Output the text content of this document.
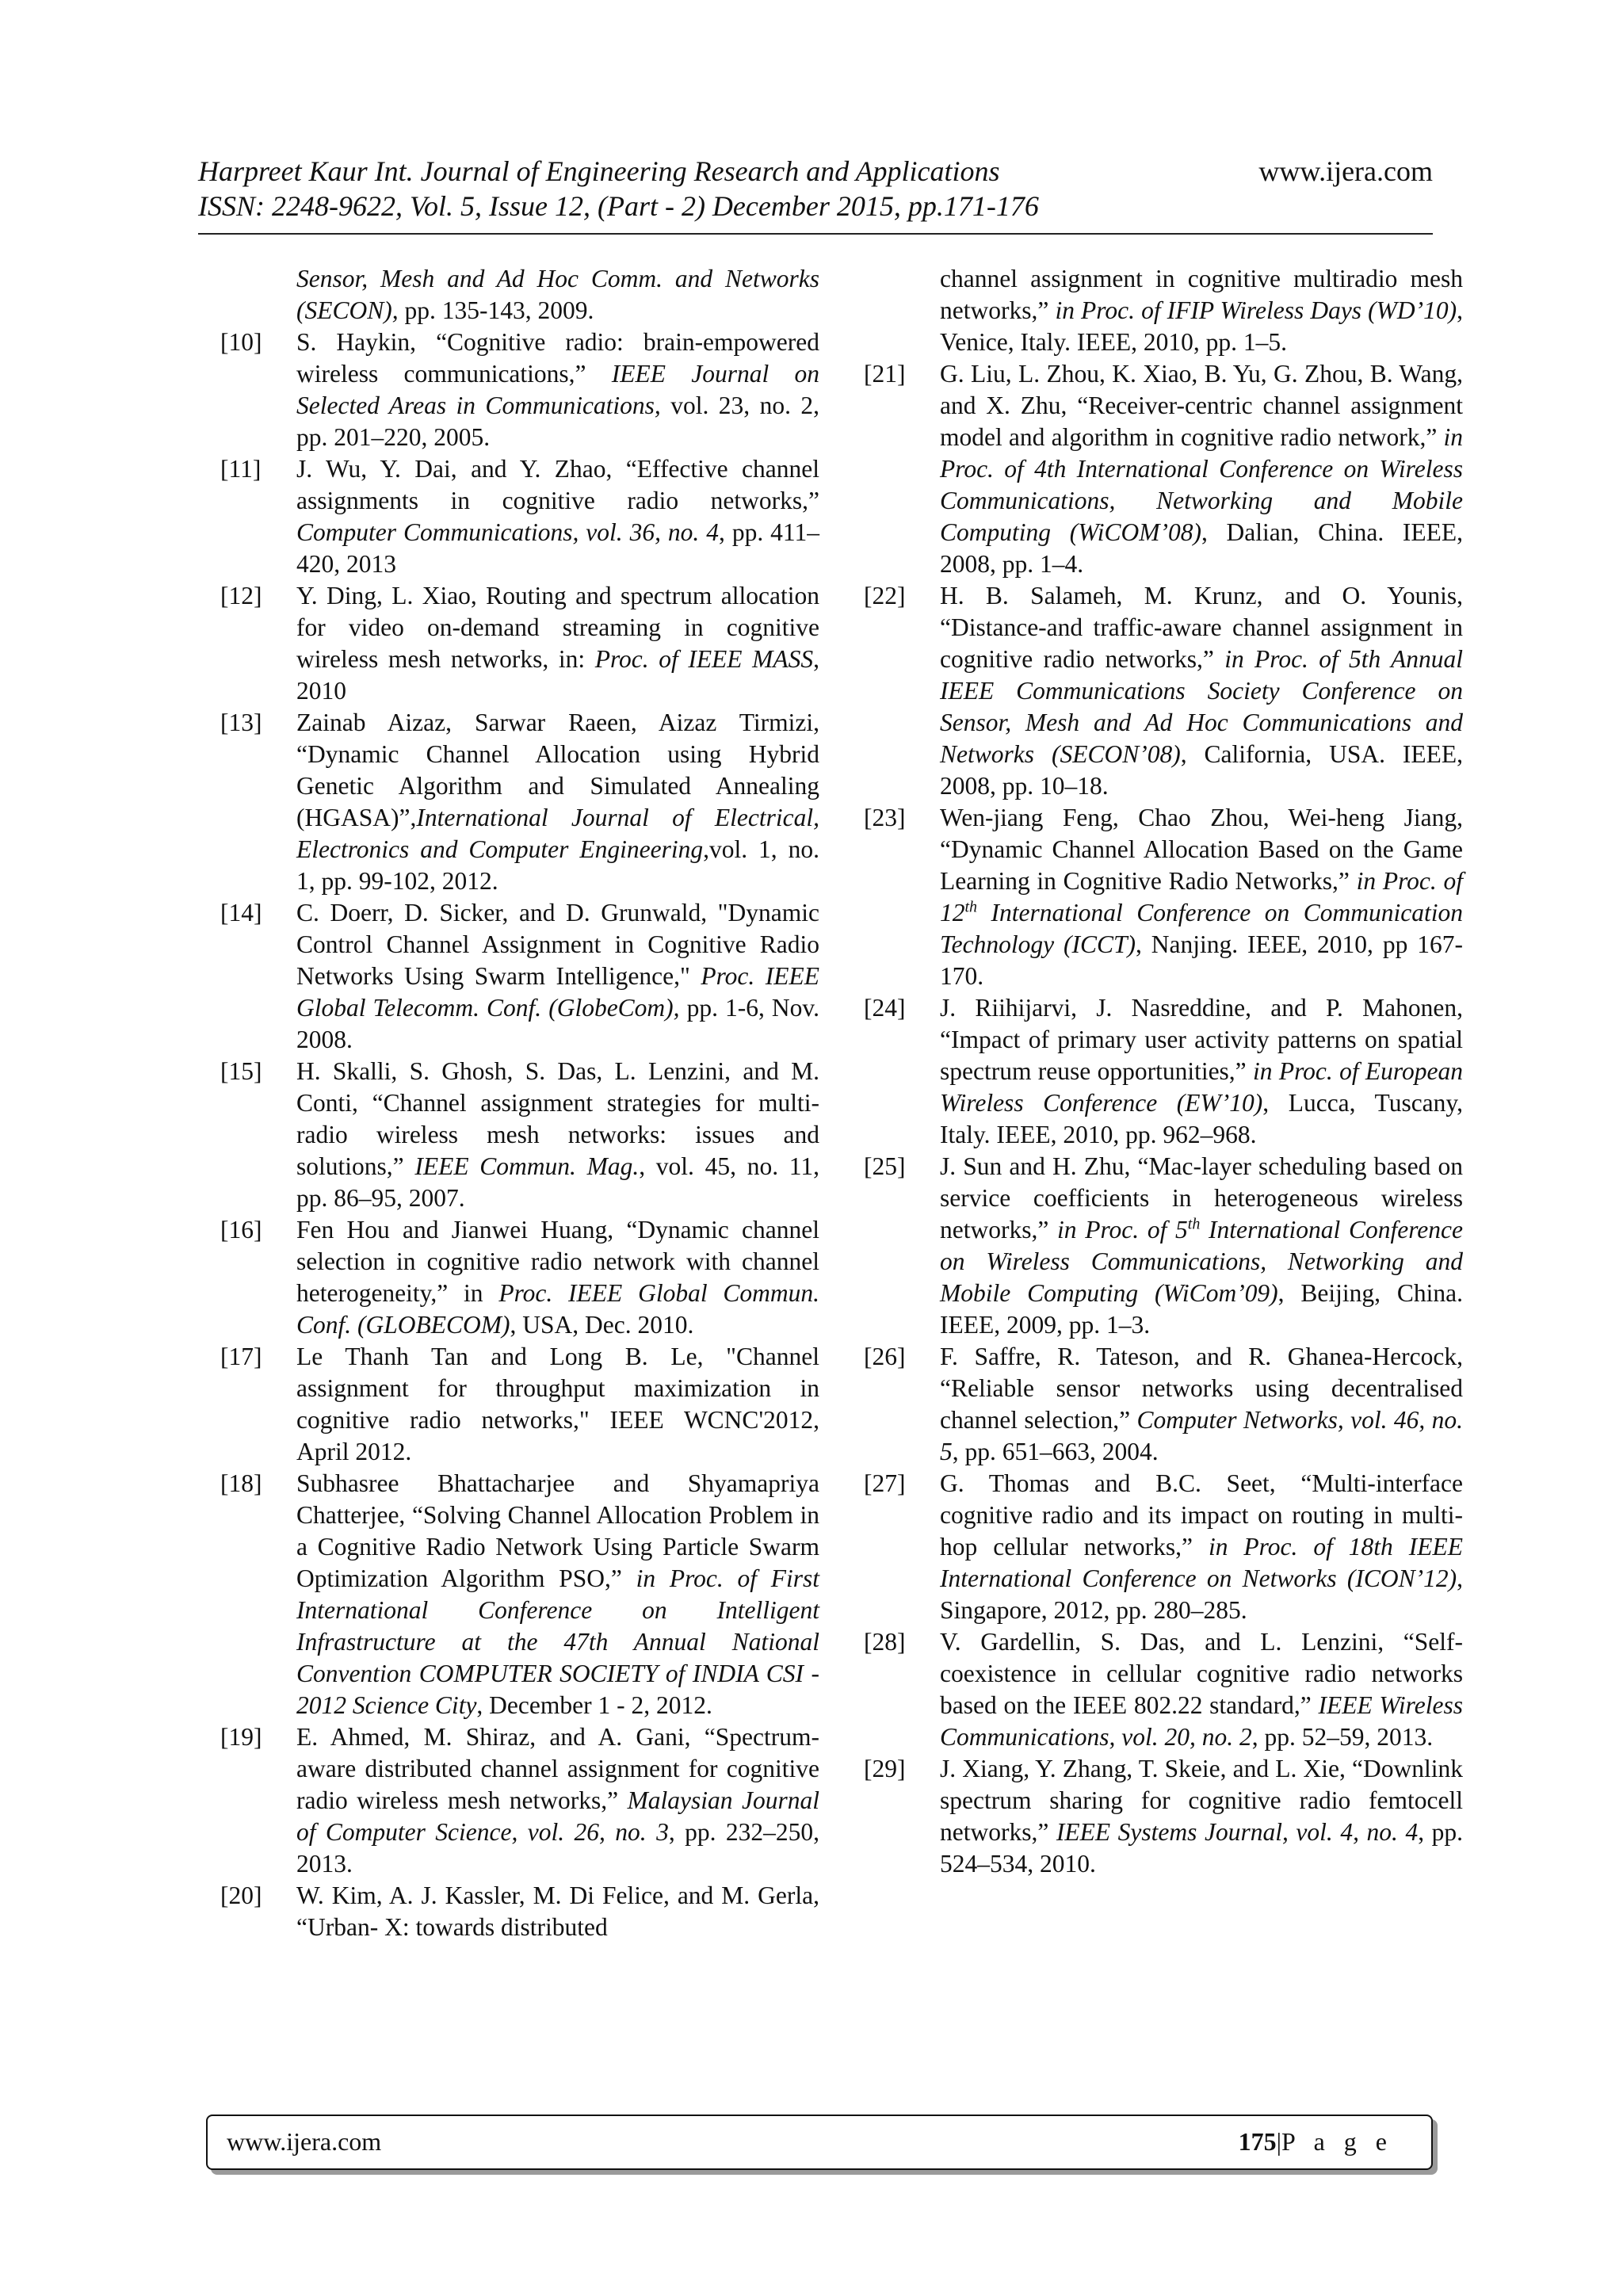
Harpreet Kaur Int. Journal of Engineering Research and Applications
ISSN: 2248-9622, Vol. 5, Issue 12, (Part - 2) December 2015, pp.171-176
www.ijera.com
Sensor, Mesh and Ad Hoc Comm. and Networks (SECON), pp. 135-143, 2009.
[10]	S. Haykin, “Cognitive radio: brain-empowered wireless communications,” IEEE Journal on Selected Areas in Communications, vol. 23, no. 2, pp. 201–220, 2005.
[11]	J. Wu, Y. Dai, and Y. Zhao, “Effective channel assignments in cognitive radio networks,” Computer Communications, vol. 36, no. 4, pp. 411–420, 2013
[12]	Y. Ding, L. Xiao, Routing and spectrum allocation for video on-demand streaming in cognitive wireless mesh networks, in: Proc. of IEEE MASS, 2010
[13]	Zainab Aizaz, Sarwar Raeen, Aizaz Tirmizi, “Dynamic Channel Allocation using Hybrid Genetic Algorithm and Simulated Annealing (HGASA)”,International Journal of Electrical, Electronics and Computer Engineering,vol. 1, no. 1, pp. 99-102, 2012.
[14]	C. Doerr, D. Sicker, and D. Grunwald, "Dynamic Control Channel Assignment in Cognitive Radio Networks Using Swarm Intelligence," Proc. IEEE Global Telecomm. Conf. (GlobeCom), pp. 1-6, Nov. 2008.
[15]	H. Skalli, S. Ghosh, S. Das, L. Lenzini, and M. Conti, “Channel assignment strategies for multi-radio wireless mesh networks: issues and solutions,” IEEE Commun. Mag., vol. 45, no. 11, pp. 86–95, 2007.
[16]	Fen Hou and Jianwei Huang, “Dynamic channel selection in cognitive radio network with channel heterogeneity,” in Proc. IEEE Global Commun. Conf. (GLOBECOM), USA, Dec. 2010.
[17]	Le Thanh Tan and Long B. Le, "Channel assignment for throughput maximization in cognitive radio networks," IEEE WCNC'2012, April 2012.
[18]	Subhasree Bhattacharjee and Shyamapriya Chatterjee, “Solving Channel Allocation Problem in a Cognitive Radio Network Using Particle Swarm Optimization Algorithm PSO,” in Proc. of First International Conference on Intelligent Infrastructure at the 47th Annual National Convention COMPUTER SOCIETY of INDIA CSI - 2012 Science City, December 1 - 2, 2012.
[19]	E. Ahmed, M. Shiraz, and A. Gani, “Spectrum-aware distributed channel assignment for cognitive radio wireless mesh networks,” Malaysian Journal of Computer Science, vol. 26, no. 3, pp. 232–250, 2013.
[20]	W. Kim, A. J. Kassler, M. Di Felice, and M. Gerla, “Urban- X: towards distributed
channel assignment in cognitive multiradio mesh networks,” in Proc. of IFIP Wireless Days (WD’10), Venice, Italy. IEEE, 2010, pp. 1–5.
[21]	G. Liu, L. Zhou, K. Xiao, B. Yu, G. Zhou, B. Wang, and X. Zhu, “Receiver-centric channel assignment model and algorithm in cognitive radio network,” in Proc. of 4th International Conference on Wireless Communications, Networking and Mobile Computing (WiCOM’08), Dalian, China. IEEE, 2008, pp. 1–4.
[22]	H. B. Salameh, M. Krunz, and O. Younis, “Distance-and traffic-aware channel assignment in cognitive radio networks,” in Proc. of 5th Annual IEEE Communications Society Conference on Sensor, Mesh and Ad Hoc Communications and Networks (SECON’08), California, USA. IEEE, 2008, pp. 10–18.
[23]	Wen-jiang Feng, Chao Zhou, Wei-heng Jiang, “Dynamic Channel Allocation Based on the Game Learning in Cognitive Radio Networks,” in Proc. of 12th International Conference on Communication Technology (ICCT), Nanjing. IEEE, 2010, pp 167-170.
[24]	J. Riihijarvi, J. Nasreddine, and P. Mahonen, “Impact of primary user activity patterns on spatial spectrum reuse opportunities,” in Proc. of European Wireless Conference (EW’10), Lucca, Tuscany, Italy. IEEE, 2010, pp. 962–968.
[25]	J. Sun and H. Zhu, “Mac-layer scheduling based on service coefficients in heterogeneous wireless networks,” in Proc. of 5th International Conference on Wireless Communications, Networking and Mobile Computing (WiCom’09), Beijing, China. IEEE, 2009, pp. 1–3.
[26]	F. Saffre, R. Tateson, and R. Ghanea-Hercock, “Reliable sensor networks using decentralised channel selection,” Computer Networks, vol. 46, no. 5, pp. 651–663, 2004.
[27]	G. Thomas and B.C. Seet, “Multi-interface cognitive radio and its impact on routing in multi-hop cellular networks,” in Proc. of 18th IEEE International Conference on Networks (ICON’12), Singapore, 2012, pp. 280–285.
[28]	V. Gardellin, S. Das, and L. Lenzini, “Self-coexistence in cellular cognitive radio networks based on the IEEE 802.22 standard,” IEEE Wireless Communications, vol. 20, no. 2, pp. 52–59, 2013.
[29]	J. Xiang, Y. Zhang, T. Skeie, and L. Xie, “Downlink spectrum sharing for cognitive radio femtocell networks,” IEEE Systems Journal, vol. 4, no. 4, pp. 524–534, 2010.
www.ijera.com	175|P a g e
